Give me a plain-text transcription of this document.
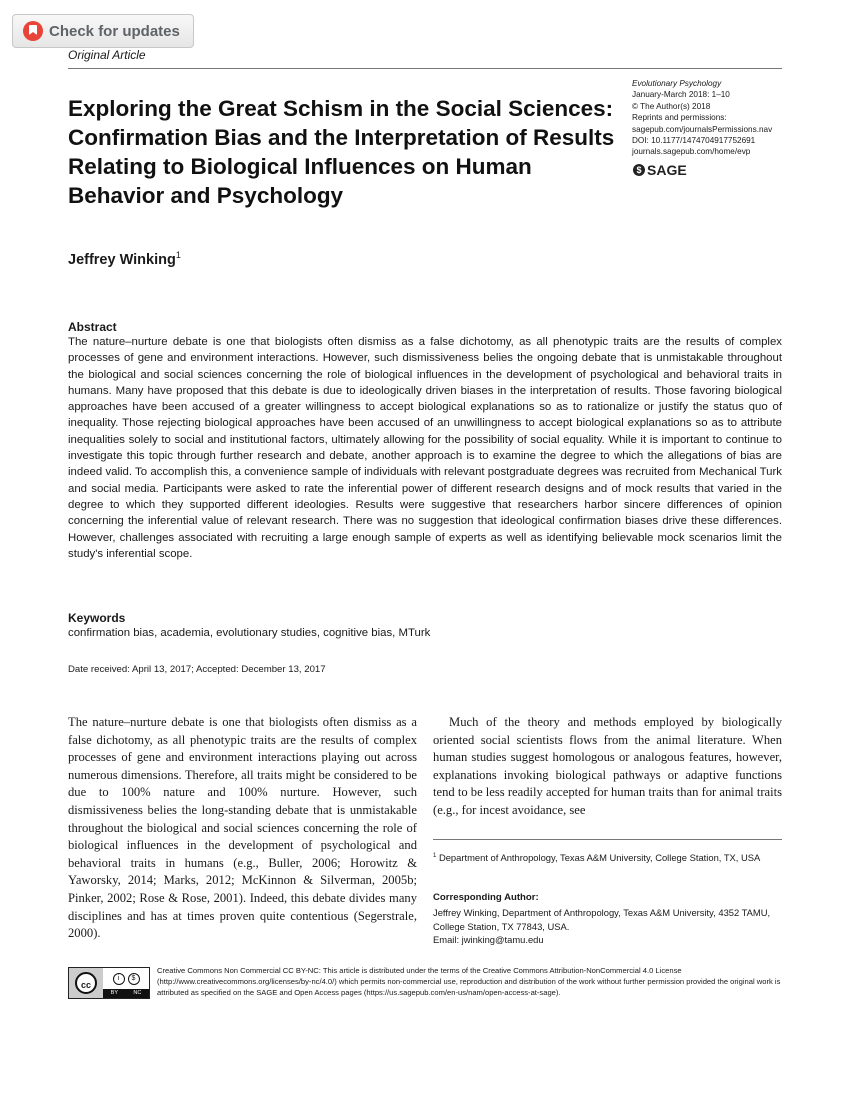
Check for updates
Original Article
Exploring the Great Schism in the Social Sciences: Confirmation Bias and the Interpretation of Results Relating to Biological Influences on Human Behavior and Psychology
Evolutionary Psychology
January-March 2018: 1–10
© The Author(s) 2018
Reprints and permissions:
sagepub.com/journalsPermissions.nav
DOI: 10.1177/1474704917752691
journals.sagepub.com/home/evp
$ SAGE
Jeffrey Winking$^1$
Abstract
The nature–nurture debate is one that biologists often dismiss as a false dichotomy, as all phenotypic traits are the results of complex processes of gene and environment interactions. However, such dismissiveness belies the ongoing debate that is unmistakable throughout the biological and social sciences concerning the role of biological influences in the development of psychological and behavioral traits in humans. Many have proposed that this debate is due to ideologically driven biases in the interpretation of results. Those favoring biological approaches have been accused of a greater willingness to accept biological explanations so as to rationalize or justify the status quo of inequality. Those rejecting biological approaches have been accused of an unwillingness to accept biological explanations so as to attribute inequalities solely to social and institutional factors, ultimately allowing for the possibility of social equality. While it is important to continue to investigate this topic through further research and debate, another approach is to examine the degree to which the allegations of bias are indeed valid. To accomplish this, a convenience sample of individuals with relevant postgraduate degrees was recruited from Mechanical Turk and social media. Participants were asked to rate the inferential power of different research designs and of mock results that varied in the degree to which they supported different ideologies. Results were suggestive that researchers harbor sincere differences of opinion concerning the inferential value of relevant research. There was no suggestion that ideological confirmation biases drive these differences. However, challenges associated with recruiting a large enough sample of experts as well as identifying believable mock scenarios limit the study's inferential scope.
Keywords
confirmation bias, academia, evolutionary studies, cognitive bias, MTurk
Date received: April 13, 2017; Accepted: December 13, 2017
The nature–nurture debate is one that biologists often dismiss as a false dichotomy, as all phenotypic traits are the results of complex processes of gene and environment interactions playing out across numerous dimensions. Therefore, all traits might be considered to be due to 100% nature and 100% nurture. However, such dismissiveness belies the long-standing debate that is unmistakable throughout the biological and social sciences concerning the role of biological influences in the development of psychological and behavioral traits in humans (e.g., Buller, 2006; Horowitz & Yaworsky, 2014; Marks, 2012; McKinnon & Silverman, 2005b; Pinker, 2002; Rose & Rose, 2001). Indeed, this debate divides many disciplines and has at times proven quite contentious (Segerstrale, 2000).
Much of the theory and methods employed by biologically oriented social scientists flows from the animal literature. When human studies suggest homologous or analogous features, however, explanations invoking biological pathways or adaptive functions tend to be less readily accepted for human traits than for animal traits (e.g., for incest avoidance, see
$^1$ Department of Anthropology, Texas A&M University, College Station, TX, USA
Corresponding Author:
Jeffrey Winking, Department of Anthropology, Texas A&M University, 4352 TAMU, College Station, TX 77843, USA.
Email: jwinking@tamu.edu
cc
i	$
BY	NC
Creative Commons Non Commercial CC BY-NC: This article is distributed under the terms of the Creative Commons Attribution-NonCommercial 4.0 License (http://www.creativecommons.org/licenses/by-nc/4.0/) which permits non-commercial use, reproduction and distribution of the work without further permission provided the original work is attributed as specified on the SAGE and Open Access pages (https://us.sagepub.com/en-us/nam/open-access-at-sage).
